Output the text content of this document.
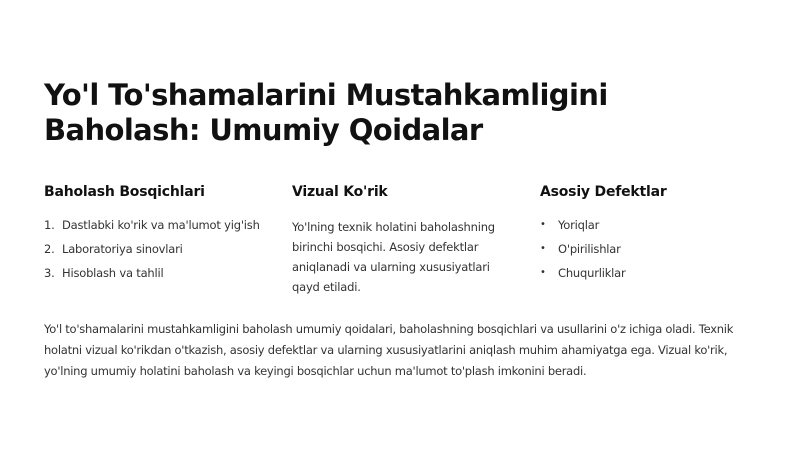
Yo'l To'shamalarini Mustahkamligini Baholash: Umumiy Qoidalar
Baholash Bosqichlari
1. Dastlabki ko'rik va ma'lumot yig'ish
2. Laboratoriya sinovlari
3. Hisoblash va tahlil
Vizual Ko'rik

Yo'lning texnik holatini baholashning birinchi bosqichi. Asosiy defektlar aniqlanadi va ularning xususiyatlari qayd etiladi.

Asosiy Defektlar
• Yoriqlar
• O'pirilishlar
• Chuqurliklar

Yo'l to'shamalarini mustahkamligini baholash umumiy qoidalari, baholashning bosqichlari va usullarini o'z ichiga oladi. Texnik holatni vizual ko'rikdan o'tkazish, asosiy defektlar va ularning xususiyatlarini aniqlash muhim ahamiyatga ega. Vizual ko'rik, yo'lning umumiy holatini baholash va keyingi bosqichlar uchun ma'lumot to'plash imkonini beradi.
